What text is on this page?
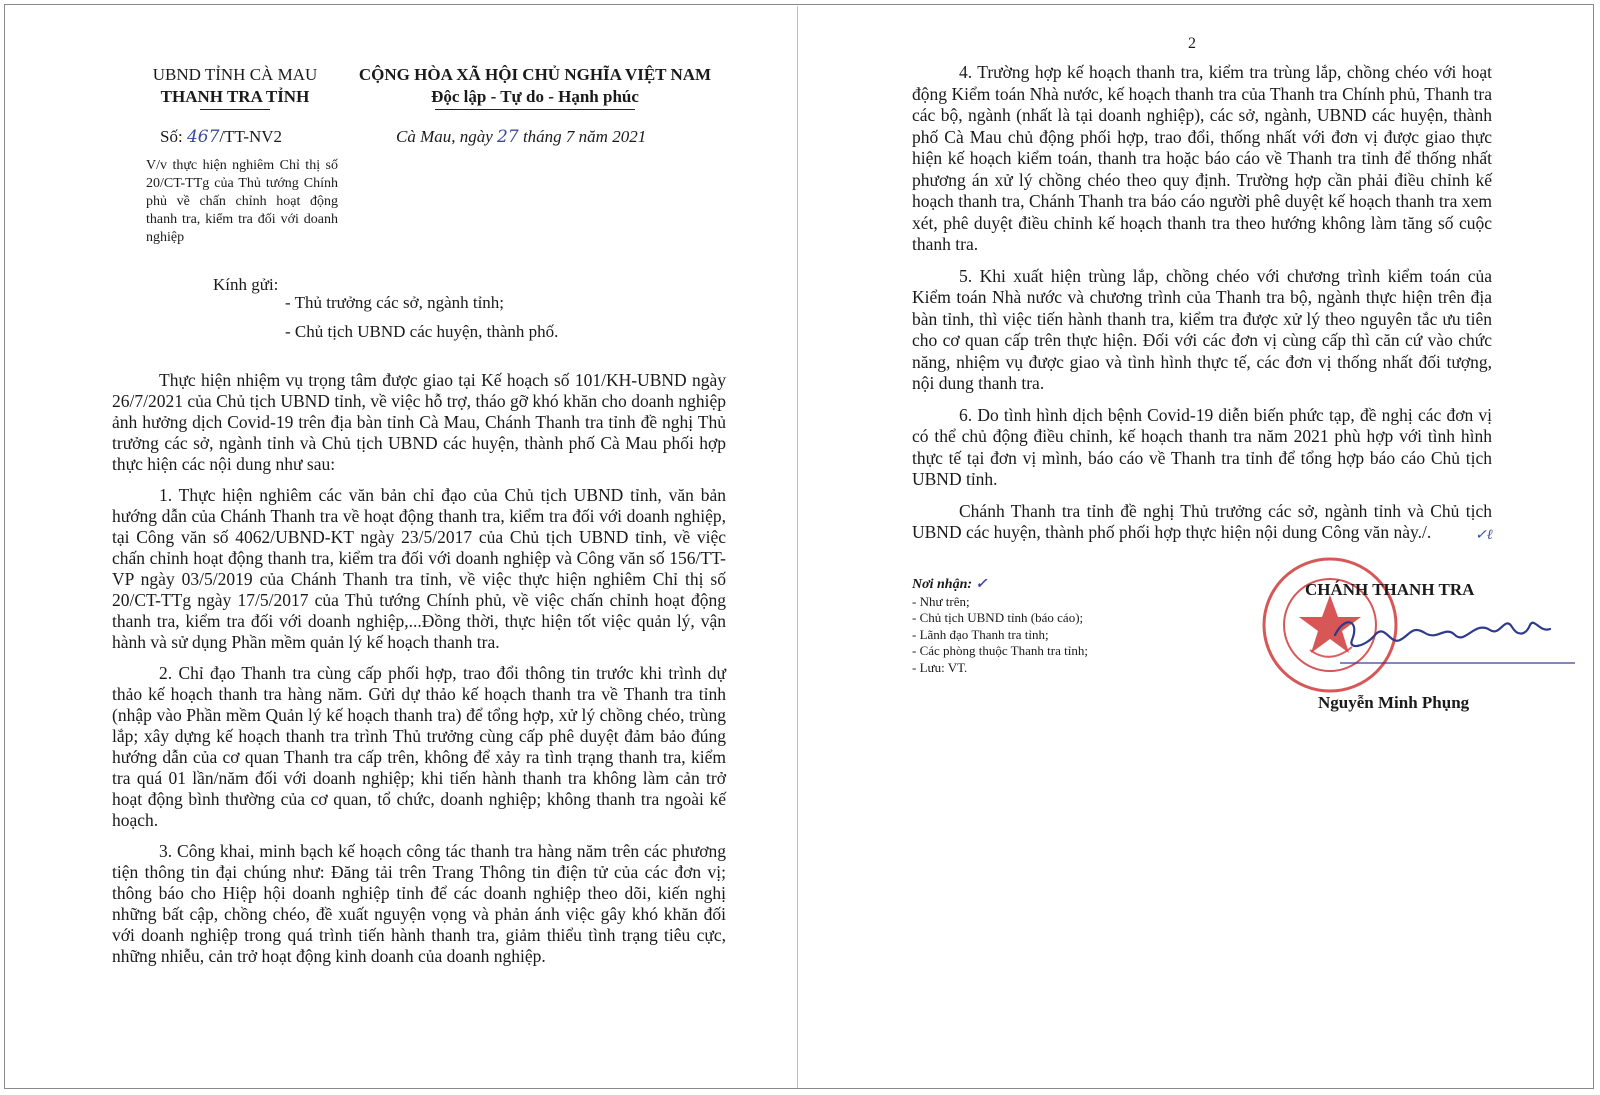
UBND TỈNH CÀ MAU
THANH TRA TỈNH
CỘNG HÒA XÃ HỘI CHỦ NGHĨA VIỆT NAM
Độc lập - Tự do - Hạnh phúc
Số: 467/TT-NV2	Cà Mau, ngày 27 tháng 7 năm 2021
V/v thực hiện nghiêm Chỉ thị số 20/CT-TTg của Thủ tướng Chính phủ về chấn chỉnh hoạt động thanh tra, kiểm tra đối với doanh nghiệp
Kính gửi:
- Thủ trưởng các sở, ngành tỉnh;
- Chủ tịch UBND các huyện, thành phố.

Thực hiện nhiệm vụ trọng tâm được giao tại Kế hoạch số 101/KH-UBND ngày 26/7/2021 của Chủ tịch UBND tỉnh, về việc hỗ trợ, tháo gỡ khó khăn cho doanh nghiệp ảnh hưởng dịch Covid-19 trên địa bàn tỉnh Cà Mau, Chánh Thanh tra tỉnh đề nghị Thủ trưởng các sở, ngành tỉnh và Chủ tịch UBND các huyện, thành phố Cà Mau phối hợp thực hiện các nội dung như sau:

1. Thực hiện nghiêm các văn bản chỉ đạo của Chủ tịch UBND tỉnh, văn bản hướng dẫn của Chánh Thanh tra về hoạt động thanh tra, kiểm tra đối với doanh nghiệp, tại Công văn số 4062/UBND-KT ngày 23/5/2017 của Chủ tịch UBND tỉnh, về việc chấn chỉnh hoạt động thanh tra, kiểm tra đối với doanh nghiệp và Công văn số 156/TT-VP ngày 03/5/2019 của Chánh Thanh tra tỉnh, về việc thực hiện nghiêm Chỉ thị số 20/CT-TTg ngày 17/5/2017 của Thủ tướng Chính phủ, về việc chấn chỉnh hoạt động thanh tra, kiểm tra đối với doanh nghiệp,...Đồng thời, thực hiện tốt việc quản lý, vận hành và sử dụng Phần mềm quản lý kế hoạch thanh tra.

2. Chỉ đạo Thanh tra cùng cấp phối hợp, trao đổi thông tin trước khi trình dự thảo kế hoạch thanh tra hàng năm. Gửi dự thảo kế hoạch thanh tra về Thanh tra tỉnh (nhập vào Phần mềm Quản lý kế hoạch thanh tra) để tổng hợp, xử lý chồng chéo, trùng lắp; xây dựng kế hoạch thanh tra trình Thủ trưởng cùng cấp phê duyệt đảm bảo đúng hướng dẫn của cơ quan Thanh tra cấp trên, không để xảy ra tình trạng thanh tra, kiểm tra quá 01 lần/năm đối với doanh nghiệp; khi tiến hành thanh tra không làm cản trở hoạt động bình thường của cơ quan, tổ chức, doanh nghiệp; không thanh tra ngoài kế hoạch.

3. Công khai, minh bạch kế hoạch công tác thanh tra hàng năm trên các phương tiện thông tin đại chúng như: Đăng tải trên Trang Thông tin điện tử của các đơn vị; thông báo cho Hiệp hội doanh nghiệp tỉnh để các doanh nghiệp theo dõi, kiến nghị những bất cập, chồng chéo, đề xuất nguyện vọng và phản ánh việc gây khó khăn đối với doanh nghiệp trong quá trình tiến hành thanh tra, giảm thiểu tình trạng tiêu cực, những nhiễu, cản trở hoạt động kinh doanh của doanh nghiệp.

2

4. Trường hợp kế hoạch thanh tra, kiểm tra trùng lắp, chồng chéo với hoạt động Kiểm toán Nhà nước, kế hoạch thanh tra của Thanh tra Chính phủ, Thanh tra các bộ, ngành (nhất là tại doanh nghiệp), các sở, ngành, UBND các huyện, thành phố Cà Mau chủ động phối hợp, trao đổi, thống nhất với đơn vị được giao thực hiện kế hoạch kiểm toán, thanh tra hoặc báo cáo về Thanh tra tỉnh để thống nhất phương án xử lý chồng chéo theo quy định. Trường hợp cần phải điều chỉnh kế hoạch thanh tra, Chánh Thanh tra báo cáo người phê duyệt kế hoạch thanh tra xem xét, phê duyệt điều chỉnh kế hoạch thanh tra theo hướng không làm tăng số cuộc thanh tra.

5. Khi xuất hiện trùng lắp, chồng chéo với chương trình kiểm toán của Kiểm toán Nhà nước và chương trình của Thanh tra bộ, ngành thực hiện trên địa bàn tỉnh, thì việc tiến hành thanh tra, kiểm tra được xử lý theo nguyên tắc ưu tiên cho cơ quan cấp trên thực hiện. Đối với các đơn vị cùng cấp thì căn cứ vào chức năng, nhiệm vụ được giao và tình hình thực tế, các đơn vị thống nhất đối tượng, nội dung thanh tra.

6. Do tình hình dịch bệnh Covid-19 diễn biến phức tạp, đề nghị các đơn vị có thể chủ động điều chỉnh, kế hoạch thanh tra năm 2021 phù hợp với tình hình thực tế tại đơn vị mình, báo cáo về Thanh tra tỉnh để tổng hợp báo cáo Chủ tịch UBND tỉnh.

Chánh Thanh tra tỉnh đề nghị Thủ trưởng các sở, ngành tỉnh và Chủ tịch UBND các huyện, thành phố phối hợp thực hiện nội dung Công văn này./.	✓ℓ
Nơi nhận: ✓
- Như trên;
- Chủ tịch UBND tỉnh (báo cáo);
- Lãnh đạo Thanh tra tỉnh;
- Các phòng thuộc Thanh tra tỉnh;
- Lưu: VT.
CHÁNH THANH TRA
Nguyễn Minh Phụng
